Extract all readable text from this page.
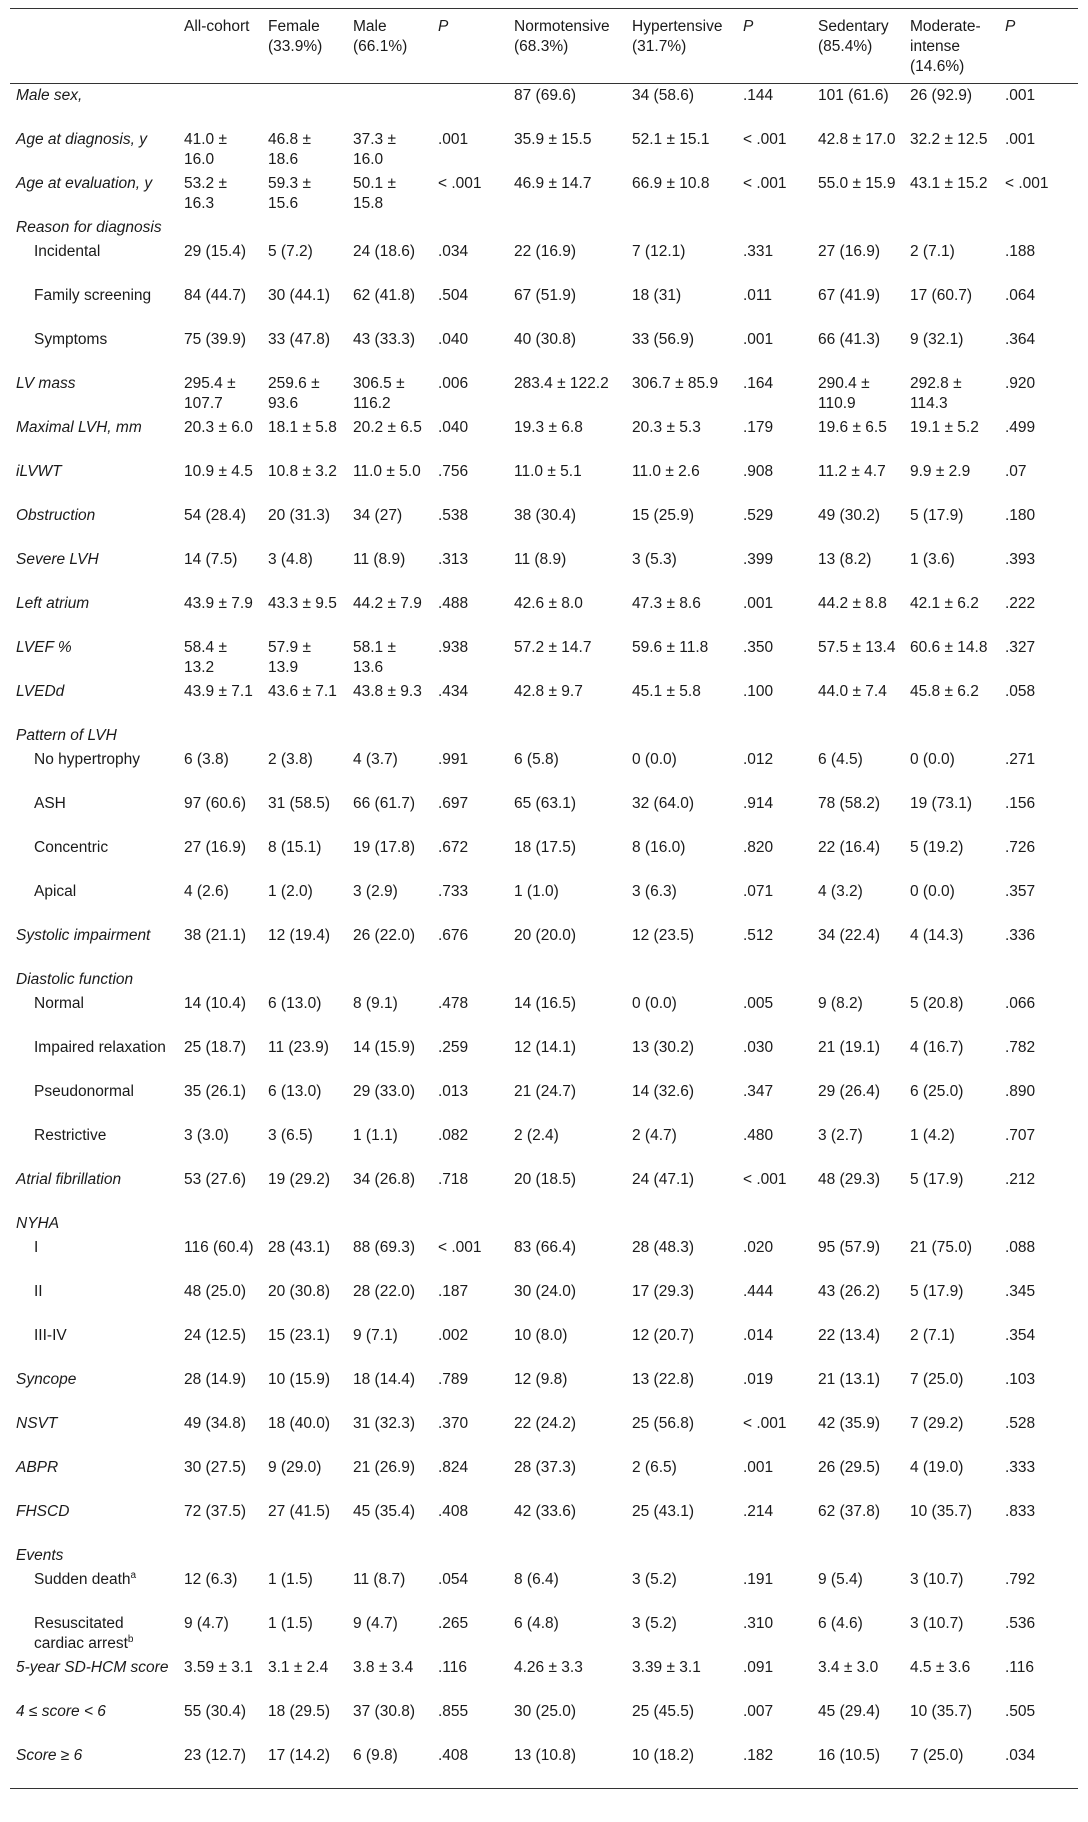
	All-cohort	Female (33.9%)	Male (66.1%)	P	Normotensive (68.3%)	Hypertensive (31.7%)	P	Sedentary (85.4%)	Moderate-intense (14.6%)	P
Male sex,					87 (69.6)	34 (58.6)	.144	101 (61.6)	26 (92.9)	.001
Age at diagnosis, y	41.0 ± 16.0	46.8 ± 18.6	37.3 ± 16.0	.001	35.9 ± 15.5	52.1 ± 15.1	< .001	42.8 ± 17.0	32.2 ± 12.5	.001
Age at evaluation, y	53.2 ± 16.3	59.3 ± 15.6	50.1 ± 15.8	< .001	46.9 ± 14.7	66.9 ± 10.8	< .001	55.0 ± 15.9	43.1 ± 15.2	< .001
Reason for diagnosis										
Incidental	29 (15.4)	5 (7.2)	24 (18.6)	.034	22 (16.9)	7 (12.1)	.331	27 (16.9)	2 (7.1)	.188
Family screening	84 (44.7)	30 (44.1)	62 (41.8)	.504	67 (51.9)	18 (31)	.011	67 (41.9)	17 (60.7)	.064
Symptoms	75 (39.9)	33 (47.8)	43 (33.3)	.040	40 (30.8)	33 (56.9)	.001	66 (41.3)	9 (32.1)	.364
LV mass	295.4 ± 107.7	259.6 ± 93.6	306.5 ± 116.2	.006	283.4 ± 122.2	306.7 ± 85.9	.164	290.4 ± 110.9	292.8 ± 114.3	.920
Maximal LVH, mm	20.3 ± 6.0	18.1 ± 5.8	20.2 ± 6.5	.040	19.3 ± 6.8	20.3 ± 5.3	.179	19.6 ± 6.5	19.1 ± 5.2	.499
iLVWT	10.9 ± 4.5	10.8 ± 3.2	11.0 ± 5.0	.756	11.0 ± 5.1	11.0 ± 2.6	.908	11.2 ± 4.7	9.9 ± 2.9	.07
Obstruction	54 (28.4)	20 (31.3)	34 (27)	.538	38 (30.4)	15 (25.9)	.529	49 (30.2)	5 (17.9)	.180
Severe LVH	14 (7.5)	3 (4.8)	11 (8.9)	.313	11 (8.9)	3 (5.3)	.399	13 (8.2)	1 (3.6)	.393
Left atrium	43.9 ± 7.9	43.3 ± 9.5	44.2 ± 7.9	.488	42.6 ± 8.0	47.3 ± 8.6	.001	44.2 ± 8.8	42.1 ± 6.2	.222
LVEF %	58.4 ± 13.2	57.9 ± 13.9	58.1 ± 13.6	.938	57.2 ± 14.7	59.6 ± 11.8	.350	57.5 ± 13.4	60.6 ± 14.8	.327
LVEDd	43.9 ± 7.1	43.6 ± 7.1	43.8 ± 9.3	.434	42.8 ± 9.7	45.1 ± 5.8	.100	44.0 ± 7.4	45.8 ± 6.2	.058
Pattern of LVH										
No hypertrophy	6 (3.8)	2 (3.8)	4 (3.7)	.991	6 (5.8)	0 (0.0)	.012	6 (4.5)	0 (0.0)	.271
ASH	97 (60.6)	31 (58.5)	66 (61.7)	.697	65 (63.1)	32 (64.0)	.914	78 (58.2)	19 (73.1)	.156
Concentric	27 (16.9)	8 (15.1)	19 (17.8)	.672	18 (17.5)	8 (16.0)	.820	22 (16.4)	5 (19.2)	.726
Apical	4 (2.6)	1 (2.0)	3 (2.9)	.733	1 (1.0)	3 (6.3)	.071	4 (3.2)	0 (0.0)	.357
Systolic impairment	38 (21.1)	12 (19.4)	26 (22.0)	.676	20 (20.0)	12 (23.5)	.512	34 (22.4)	4 (14.3)	.336
Diastolic function										
Normal	14 (10.4)	6 (13.0)	8 (9.1)	.478	14 (16.5)	0 (0.0)	.005	9 (8.2)	5 (20.8)	.066
Impaired relaxation	25 (18.7)	11 (23.9)	14 (15.9)	.259	12 (14.1)	13 (30.2)	.030	21 (19.1)	4 (16.7)	.782
Pseudonormal	35 (26.1)	6 (13.0)	29 (33.0)	.013	21 (24.7)	14 (32.6)	.347	29 (26.4)	6 (25.0)	.890
Restrictive	3 (3.0)	3 (6.5)	1 (1.1)	.082	2 (2.4)	2 (4.7)	.480	3 (2.7)	1 (4.2)	.707
Atrial fibrillation	53 (27.6)	19 (29.2)	34 (26.8)	.718	20 (18.5)	24 (47.1)	< .001	48 (29.3)	5 (17.9)	.212
NYHA										
I	116 (60.4)	28 (43.1)	88 (69.3)	< .001	83 (66.4)	28 (48.3)	.020	95 (57.9)	21 (75.0)	.088
II	48 (25.0)	20 (30.8)	28 (22.0)	.187	30 (24.0)	17 (29.3)	.444	43 (26.2)	5 (17.9)	.345
III-IV	24 (12.5)	15 (23.1)	9 (7.1)	.002	10 (8.0)	12 (20.7)	.014	22 (13.4)	2 (7.1)	.354
Syncope	28 (14.9)	10 (15.9)	18 (14.4)	.789	12 (9.8)	13 (22.8)	.019	21 (13.1)	7 (25.0)	.103
NSVT	49 (34.8)	18 (40.0)	31 (32.3)	.370	22 (24.2)	25 (56.8)	< .001	42 (35.9)	7 (29.2)	.528
ABPR	30 (27.5)	9 (29.0)	21 (26.9)	.824	28 (37.3)	2 (6.5)	.001	26 (29.5)	4 (19.0)	.333
FHSCD	72 (37.5)	27 (41.5)	45 (35.4)	.408	42 (33.6)	25 (43.1)	.214	62 (37.8)	10 (35.7)	.833
Events										
Sudden death$^a$	12 (6.3)	1 (1.5)	11 (8.7)	.054	8 (6.4)	3 (5.2)	.191	9 (5.4)	3 (10.7)	.792
Resuscitated cardiac arrest$^b$	9 (4.7)	1 (1.5)	9 (4.7)	.265	6 (4.8)	3 (5.2)	.310	6 (4.6)	3 (10.7)	.536
5-year SD-HCM score	3.59 ± 3.1	3.1 ± 2.4	3.8 ± 3.4	.116	4.26 ± 3.3	3.39 ± 3.1	.091	3.4 ± 3.0	4.5 ± 3.6	.116
4 ≤ score < 6	55 (30.4)	18 (29.5)	37 (30.8)	.855	30 (25.0)	25 (45.5)	.007	45 (29.4)	10 (35.7)	.505
Score ≥ 6	23 (12.7)	17 (14.2)	6 (9.8)	.408	13 (10.8)	10 (18.2)	.182	16 (10.5)	7 (25.0)	.034
